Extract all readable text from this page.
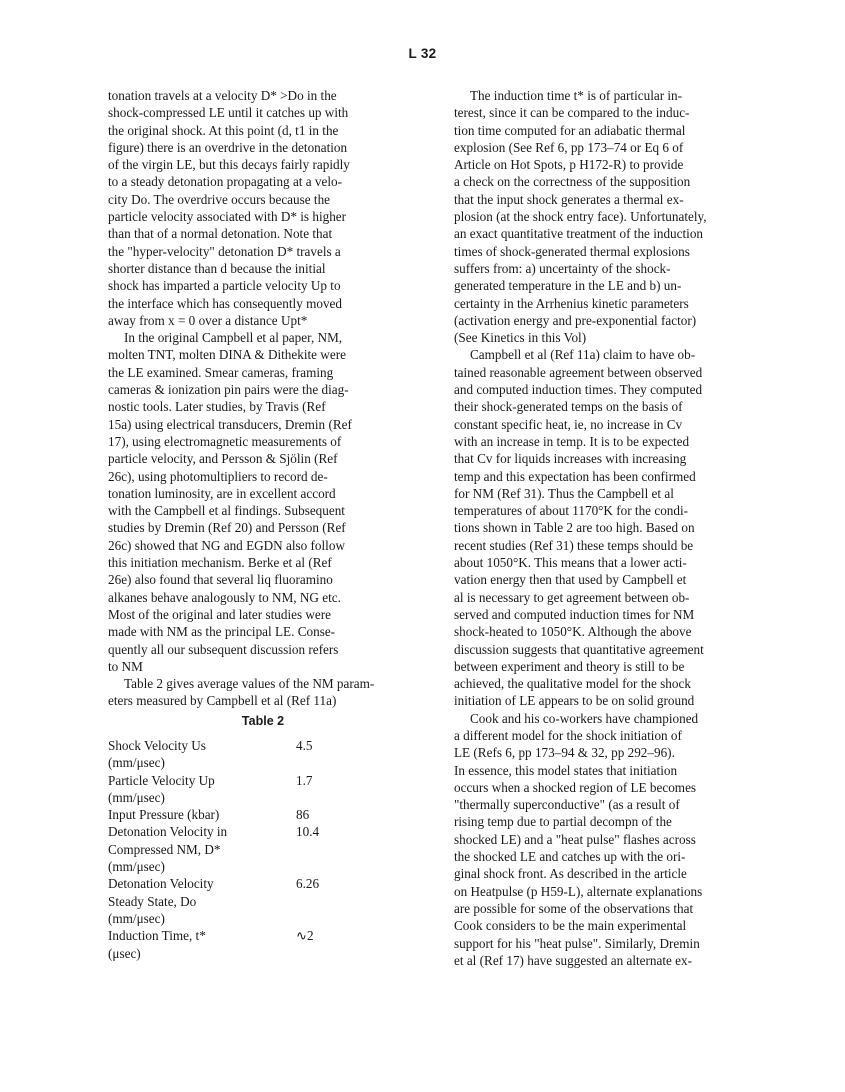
L 32

tonation travels at a velocity D* >Do in the
shock-compressed LE until it catches up with
the original shock. At this point (d, t1 in the
figure) there is an overdrive in the detonation
of the virgin LE, but this decays fairly rapidly
to a steady detonation propagating at a velo-
city Do. The overdrive occurs because the
particle velocity associated with D* is higher
than that of a normal detonation. Note that
the "hyper-velocity" detonation D* travels a
shorter distance than d because the initial
shock has imparted a particle velocity Up to
the interface which has consequently moved
away from x = 0 over a distance Upt*

In the original Campbell et al paper, NM,
molten TNT, molten DINA & Dithekite were
the LE examined. Smear cameras, framing
cameras & ionization pin pairs were the diag-
nostic tools. Later studies, by Travis (Ref
15a) using electrical transducers, Dremin (Ref
17), using electromagnetic measurements of
particle velocity, and Persson & Sjölin (Ref
26c), using photomultipliers to record de-
tonation luminosity, are in excellent accord
with the Campbell et al findings. Subsequent
studies by Dremin (Ref 20) and Persson (Ref
26c) showed that NG and EGDN also follow
this initiation mechanism. Berke et al (Ref
26e) also found that several liq fluoramino
alkanes behave analogously to NM, NG etc.
Most of the original and later studies were
made with NM as the principal LE. Conse-
quently all our subsequent discussion refers
to NM

Table 2 gives average values of the NM param-
eters measured by Campbell et al (Ref 11a)

Table 2
Shock Velocity Us
(mm/μsec)
4.5
Particle Velocity Up
(mm/μsec)
1.7
Input Pressure (kbar)	86
Detonation Velocity in
Compressed NM, D*
(mm/μsec)
10.4
Detonation Velocity
Steady State, Do
(mm/μsec)
6.26
Induction Time, t*
(μsec)
∿2

The induction time t* is of particular in-
terest, since it can be compared to the induc-
tion time computed for an adiabatic thermal
explosion (See Ref 6, pp 173–74 or Eq 6 of
Article on Hot Spots, p H172-R) to provide
a check on the correctness of the supposition
that the input shock generates a thermal ex-
plosion (at the shock entry face). Unfortunately,
an exact quantitative treatment of the induction
times of shock-generated thermal explosions
suffers from: a) uncertainty of the shock-
generated temperature in the LE and b) un-
certainty in the Arrhenius kinetic parameters
(activation energy and pre-exponential factor)
(See Kinetics in this Vol)

Campbell et al (Ref 11a) claim to have ob-
tained reasonable agreement between observed
and computed induction times. They computed
their shock-generated temps on the basis of
constant specific heat, ie, no increase in Cv
with an increase in temp. It is to be expected
that Cv for liquids increases with increasing
temp and this expectation has been confirmed
for NM (Ref 31). Thus the Campbell et al
temperatures of about 1170°K for the condi-
tions shown in Table 2 are too high. Based on
recent studies (Ref 31) these temps should be
about 1050°K. This means that a lower acti-
vation energy then that used by Campbell et
al is necessary to get agreement between ob-
served and computed induction times for NM
shock-heated to 1050°K. Although the above
discussion suggests that quantitative agreement
between experiment and theory is still to be
achieved, the qualitative model for the shock
initiation of LE appears to be on solid ground

Cook and his co-workers have championed
a different model for the shock initiation of
LE (Refs 6, pp 173–94 & 32, pp 292–96).
In essence, this model states that initiation
occurs when a shocked region of LE becomes
"thermally superconductive" (as a result of
rising temp due to partial decompn of the
shocked LE) and a "heat pulse" flashes across
the shocked LE and catches up with the ori-
ginal shock front. As described in the article
on Heatpulse (p H59-L), alternate explanations
are possible for some of the observations that
Cook considers to be the main experimental
support for his "heat pulse". Similarly, Dremin
et al (Ref 17) have suggested an alternate ex-
